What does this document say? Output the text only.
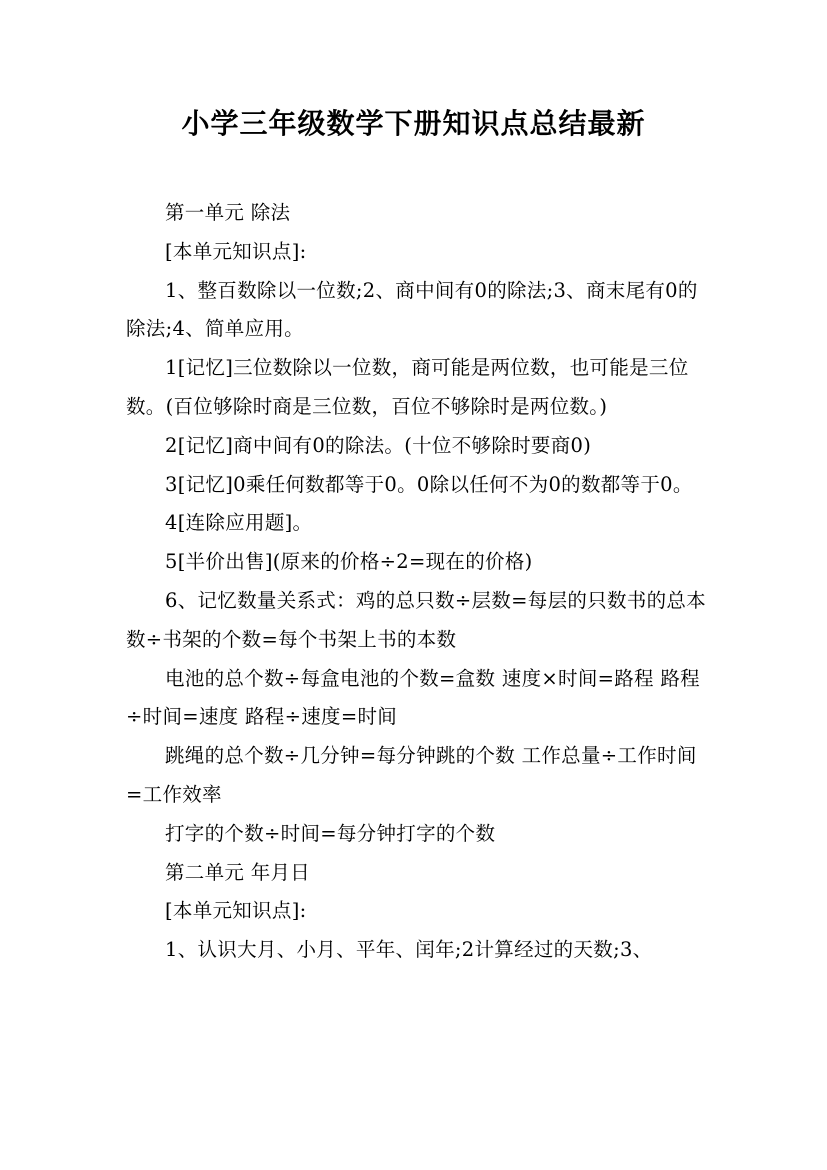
小学三年级数学下册知识点总结最新

第一单元 除法

[本单元知识点]:

1、整百数除以一位数;2、商中间有0的除法;3、商末尾有0的除法;4、简单应用。

1[记忆]三位数除以一位数，商可能是两位数，也可能是三位数。(百位够除时商是三位数，百位不够除时是两位数。)

2[记忆]商中间有0的除法。(十位不够除时要商0)

3[记忆]0乘任何数都等于0。0除以任何不为0的数都等于0。

4[连除应用题]。

5[半价出售](原来的价格÷2=现在的价格)

6、记忆数量关系式：鸡的总只数÷层数=每层的只数书的总本数÷书架的个数=每个书架上书的本数

电池的总个数÷每盒电池的个数=盒数 速度×时间=路程 路程÷时间=速度 路程÷速度=时间

跳绳的总个数÷几分钟=每分钟跳的个数 工作总量÷工作时间=工作效率

打字的个数÷时间=每分钟打字的个数

第二单元 年月日

[本单元知识点]:

1、认识大月、小月、平年、闰年;2计算经过的天数;3、
